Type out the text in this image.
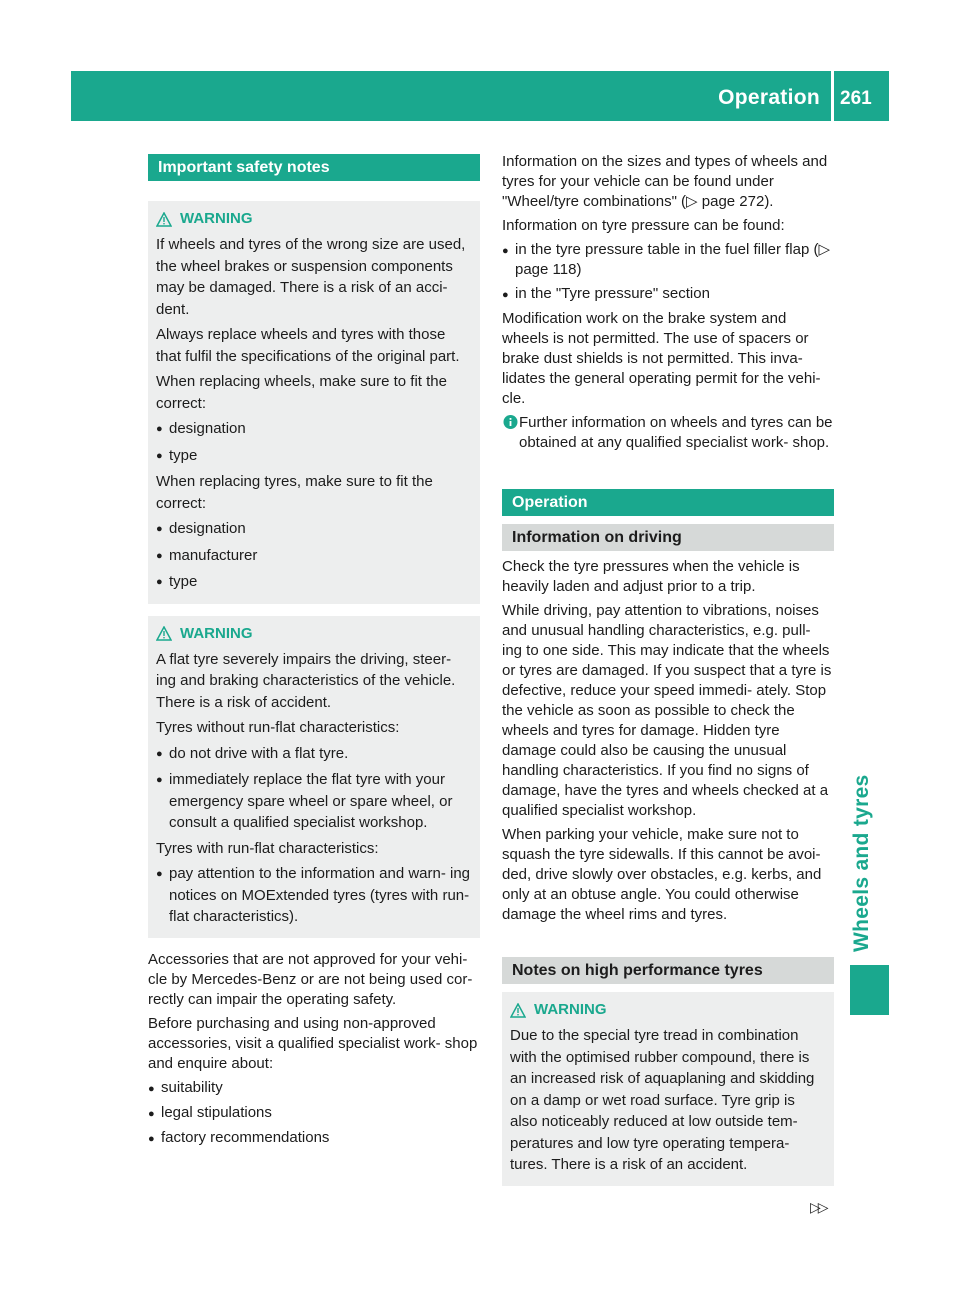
Operation 261
Wheels and tyres
Important safety notes
WARNING

If wheels and tyres of the wrong size are used, the wheel brakes or suspension components may be damaged. There is a risk of an acci- dent.

Always replace wheels and tyres with those that fulfil the specifications of the original part.

When replacing wheels, make sure to fit the correct:

● designation
● type

When replacing tyres, make sure to fit the correct:

● designation
● manufacturer
● type
WARNING

A flat tyre severely impairs the driving, steer- ing and braking characteristics of the vehicle. There is a risk of accident.

Tyres without run-flat characteristics:

● do not drive with a flat tyre.
● immediately replace the flat tyre with your emergency spare wheel or spare wheel, or consult a qualified specialist workshop.

Tyres with run-flat characteristics:

● pay attention to the information and warn- ing notices on MOExtended tyres (tyres with run-flat characteristics).

Accessories that are not approved for your vehi- cle by Mercedes-Benz or are not being used cor- rectly can impair the operating safety.

Before purchasing and using non-approved accessories, visit a qualified specialist work- shop and enquire about:

● suitability
● legal stipulations
● factory recommendations

Information on the sizes and types of wheels and tyres for your vehicle can be found under "Wheel/tyre combinations" (▷ page 272).

Information on tyre pressure can be found:

● in the tyre pressure table in the fuel filler flap (▷ page 118)
● in the "Tyre pressure" section

Modification work on the brake system and wheels is not permitted. The use of spacers or brake dust shields is not permitted. This inva- lidates the general operating permit for the vehi- cle.

Further information on wheels and tyres can be obtained at any qualified specialist work- shop.
Operation
Information on driving

Check the tyre pressures when the vehicle is heavily laden and adjust prior to a trip.

While driving, pay attention to vibrations, noises and unusual handling characteristics, e.g. pull- ing to one side. This may indicate that the wheels or tyres are damaged. If you suspect that a tyre is defective, reduce your speed immedi- ately. Stop the vehicle as soon as possible to check the wheels and tyres for damage. Hidden tyre damage could also be causing the unusual handling characteristics. If you find no signs of damage, have the tyres and wheels checked at a qualified specialist workshop.

When parking your vehicle, make sure not to squash the tyre sidewalls. If this cannot be avoi- ded, drive slowly over obstacles, e.g. kerbs, and only at an obtuse angle. You could otherwise damage the wheel rims and tyres.

Notes on high performance tyres
WARNING

Due to the special tyre tread in combination with the optimised rubber compound, there is an increased risk of aquaplaning and skidding on a damp or wet road surface. Tyre grip is also noticeably reduced at low outside tem- peratures and low tyre operating tempera- tures. There is a risk of an accident.

▷▷
